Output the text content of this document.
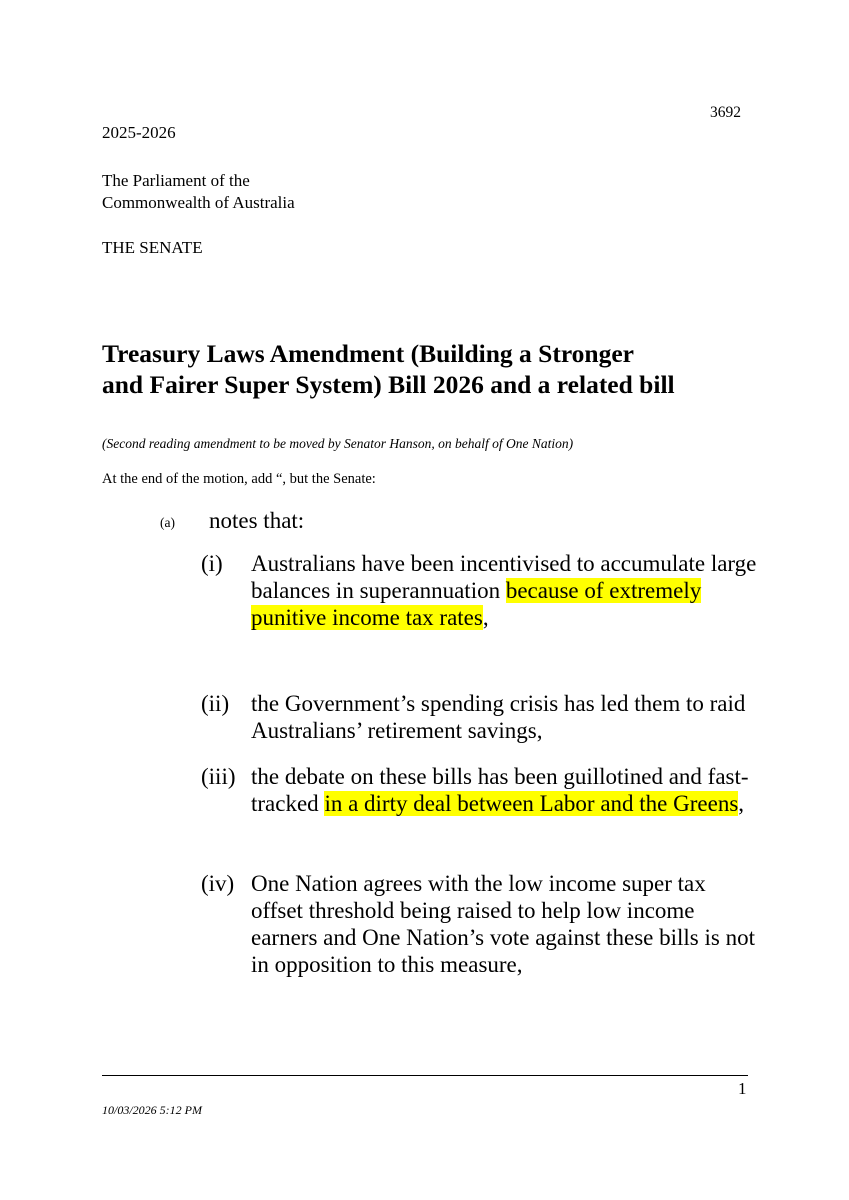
3692

2025-2026

The Parliament of the
Commonwealth of Australia

THE SENATE

Treasury Laws Amendment (Building a Stronger
and Fairer Super System) Bill 2026 and a related bill

(Second reading amendment to be moved by Senator Hanson, on behalf of One Nation)

At the end of the motion, add “, but the Senate:

(a) notes that:
(i) Australians have been incentivised to accumulate large balances in superannuation because of extremely punitive income tax rates,
(ii) the Government’s spending crisis has led them to raid Australians’ retirement savings,
(iii) the debate on these bills has been guillotined and fast-tracked in a dirty deal between Labor and the Greens,
(iv) One Nation agrees with the low income super tax offset threshold being raised to help low income earners and One Nation’s vote against these bills is not in opposition to this measure,

1

10/03/2026 5:12 PM
